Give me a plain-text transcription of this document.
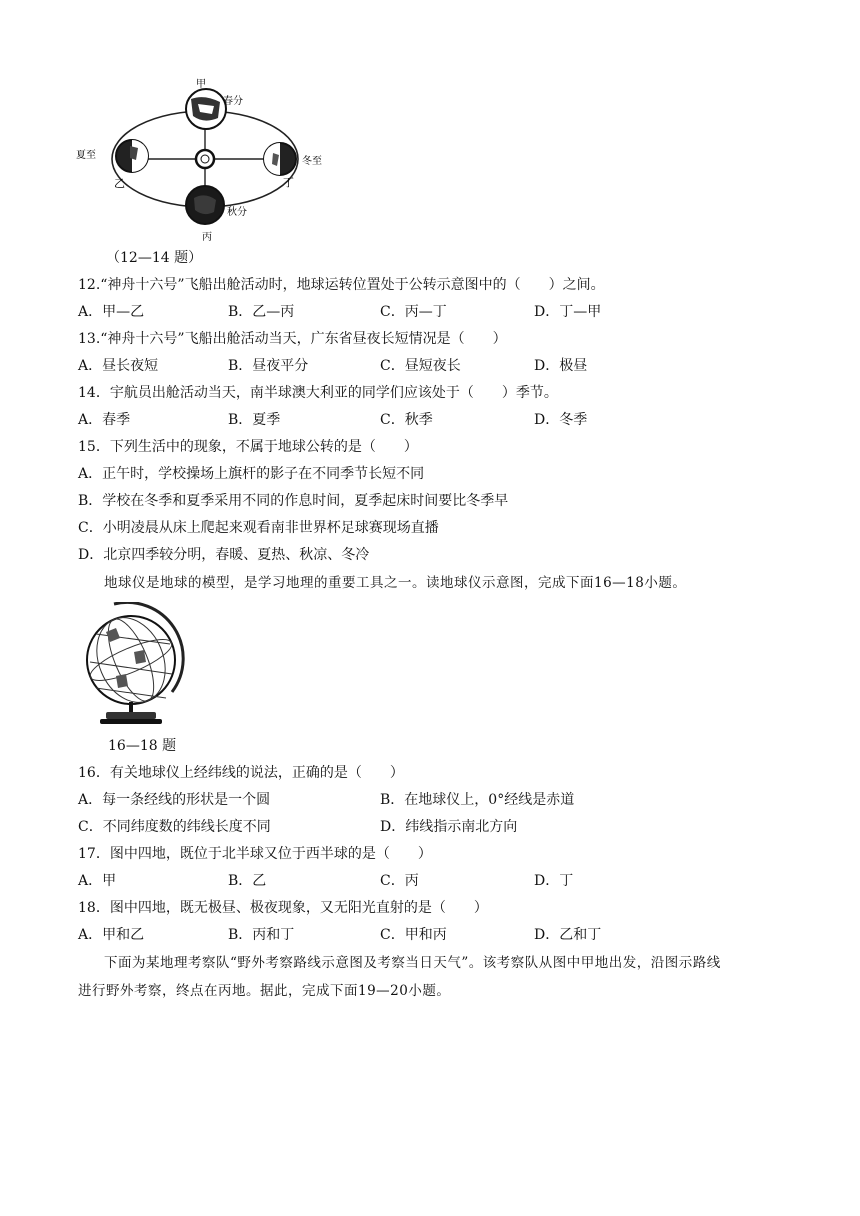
甲
春分
夏至
乙
冬至
丁
秋分
丙
（12—14 题）
12.“神舟十六号”飞船出舱活动时，地球运转位置处于公转示意图中的（　　）之间。
A．甲—乙	B．乙—丙	C．丙—丁	D．丁—甲
13.“神舟十六号”飞船出舱活动当天，广东省昼夜长短情况是（　　）
A．昼长夜短	B．昼夜平分	C．昼短夜长	D．极昼
14．宇航员出舱活动当天，南半球澳大利亚的同学们应该处于（　　）季节。
A．春季	B．夏季	C．秋季	D．冬季
15．下列生活中的现象，不属于地球公转的是（　　）
A．正午时，学校操场上旗杆的影子在不同季节长短不同
B．学校在冬季和夏季采用不同的作息时间，夏季起床时间要比冬季早
C．小明凌晨从床上爬起来观看南非世界杯足球赛现场直播
D．北京四季较分明，春暖、夏热、秋凉、冬冷
地球仪是地球的模型，是学习地理的重要工具之一。读地球仪示意图，完成下面16—18小题。
16—18 题
16．有关地球仪上经纬线的说法，正确的是（　　）
A．每一条经线的形状是一个圆	B．在地球仪上，0°经线是赤道
C．不同纬度数的纬线长度不同	D．纬线指示南北方向
17．图中四地，既位于北半球又位于西半球的是（　　）
A．甲	B．乙	C．丙	D．丁
18．图中四地，既无极昼、极夜现象，又无阳光直射的是（　　）
A．甲和乙	B．丙和丁	C．甲和丙	D．乙和丁
下面为某地理考察队“野外考察路线示意图及考察当日天气”。该考察队从图中甲地出发，沿图示路线
进行野外考察，终点在丙地。据此，完成下面19—20小题。
